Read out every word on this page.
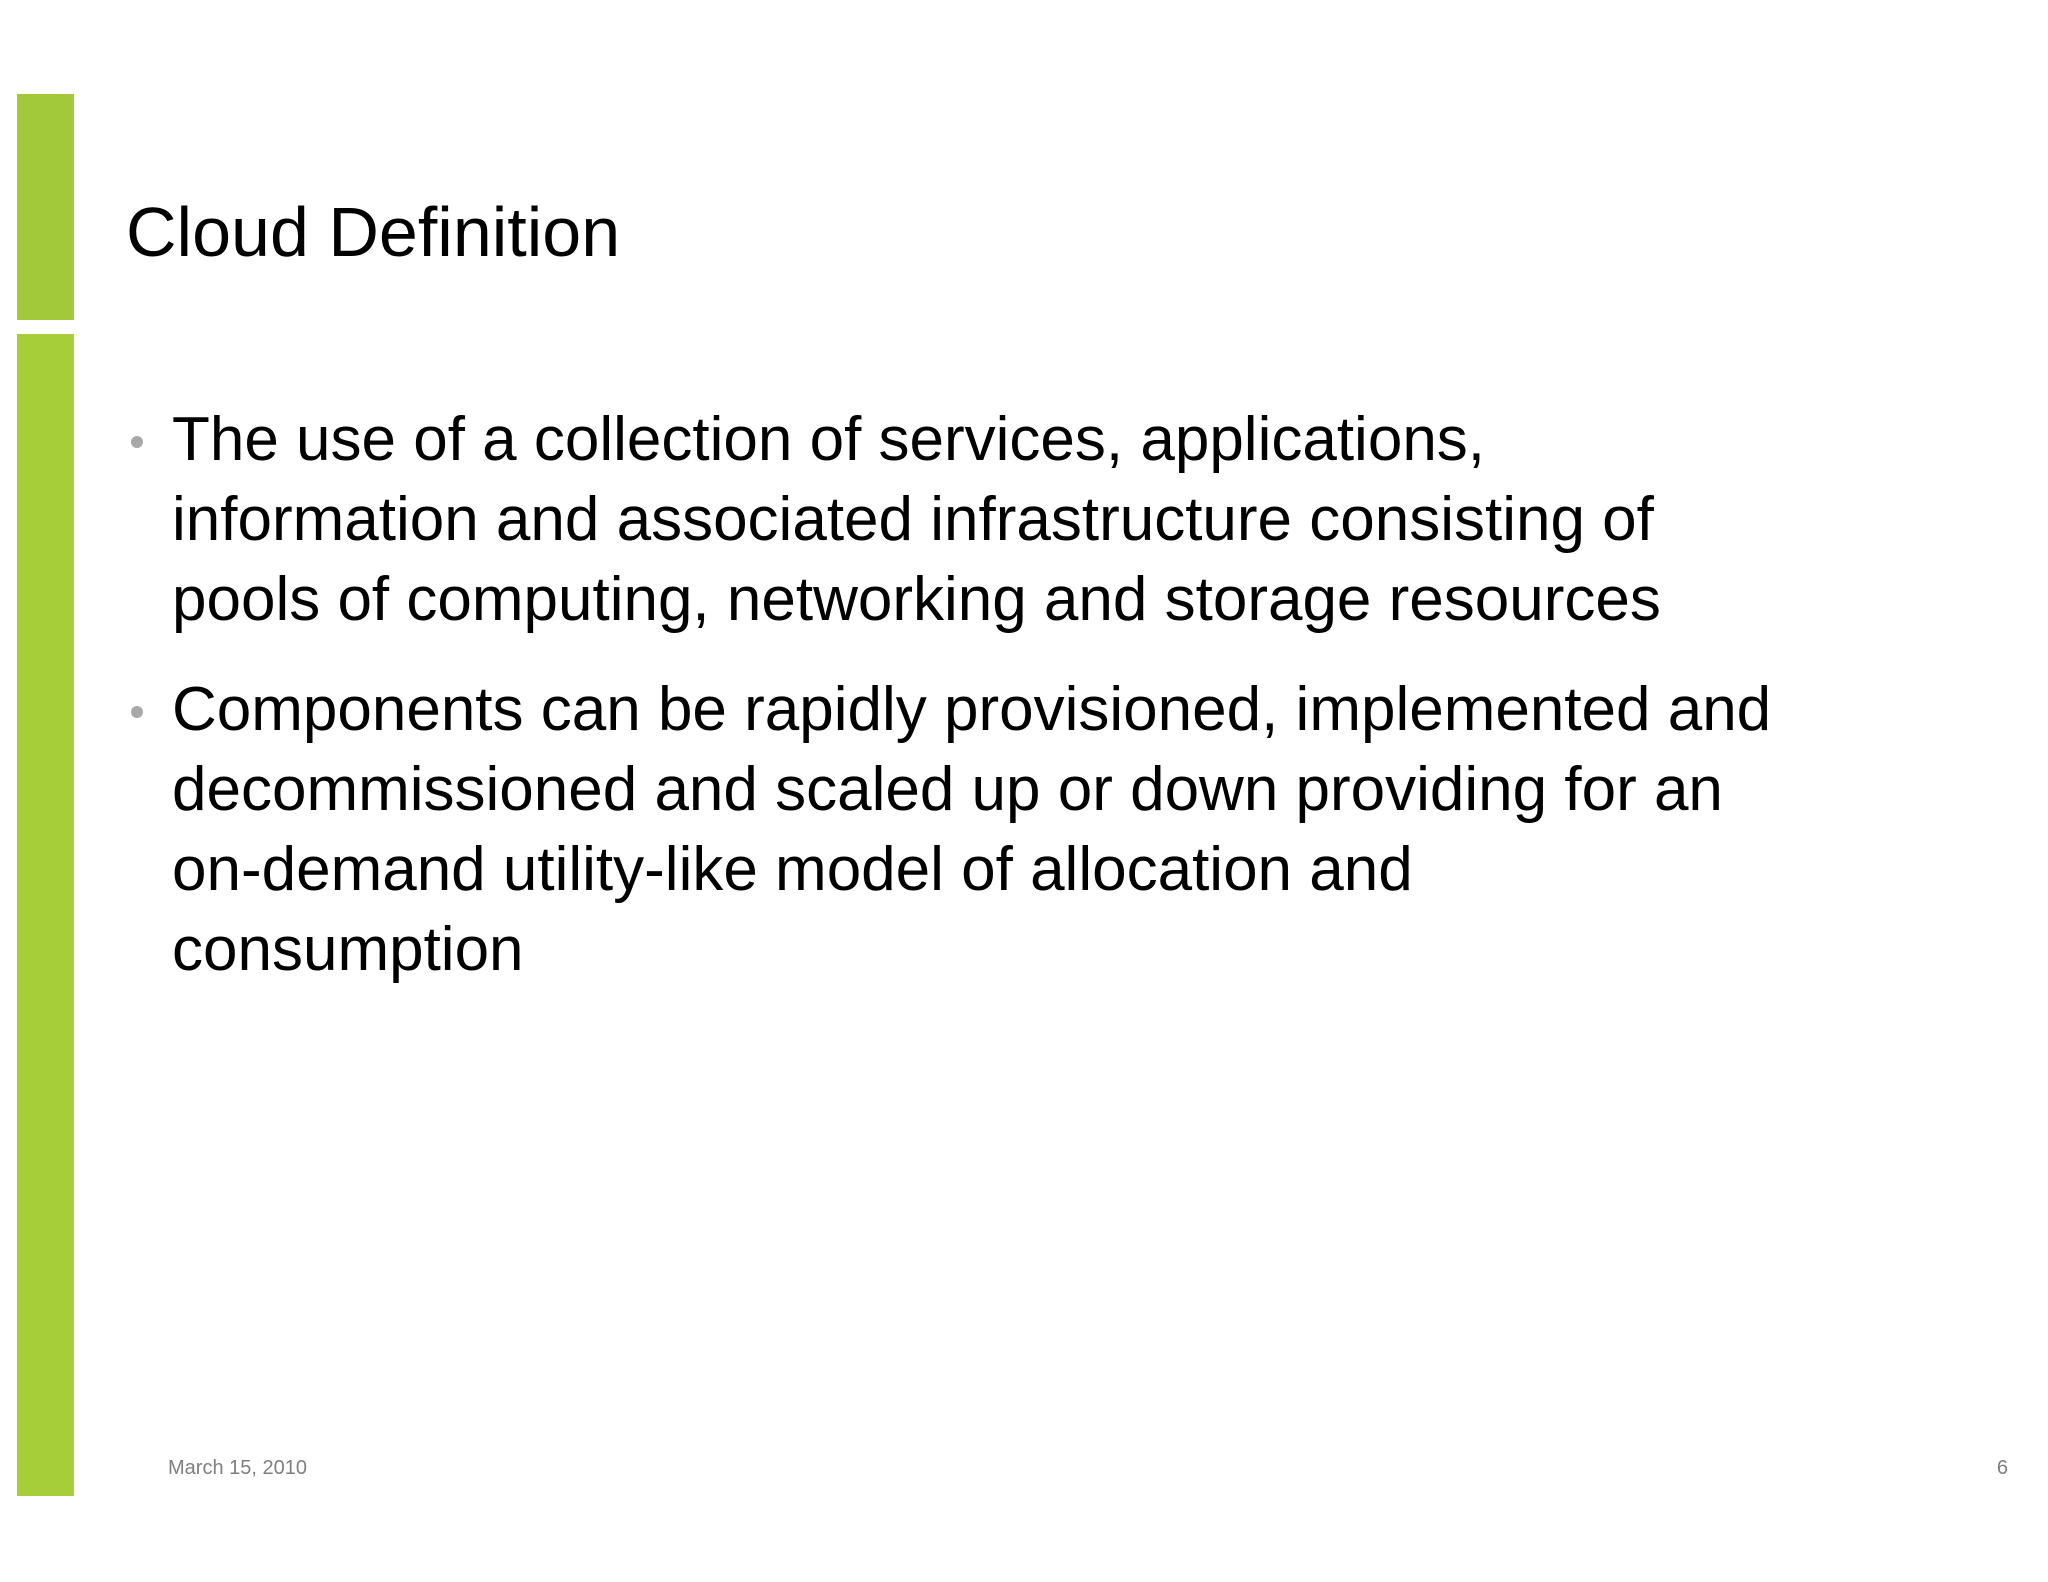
Cloud Definition
The use of a collection of services, applications,
information and associated infrastructure consisting of
pools of computing, networking and storage resources
Components can be rapidly provisioned, implemented and
decommissioned and scaled up or down providing for an
on-demand utility-like model of allocation and
consumption
March 15, 2010	6
